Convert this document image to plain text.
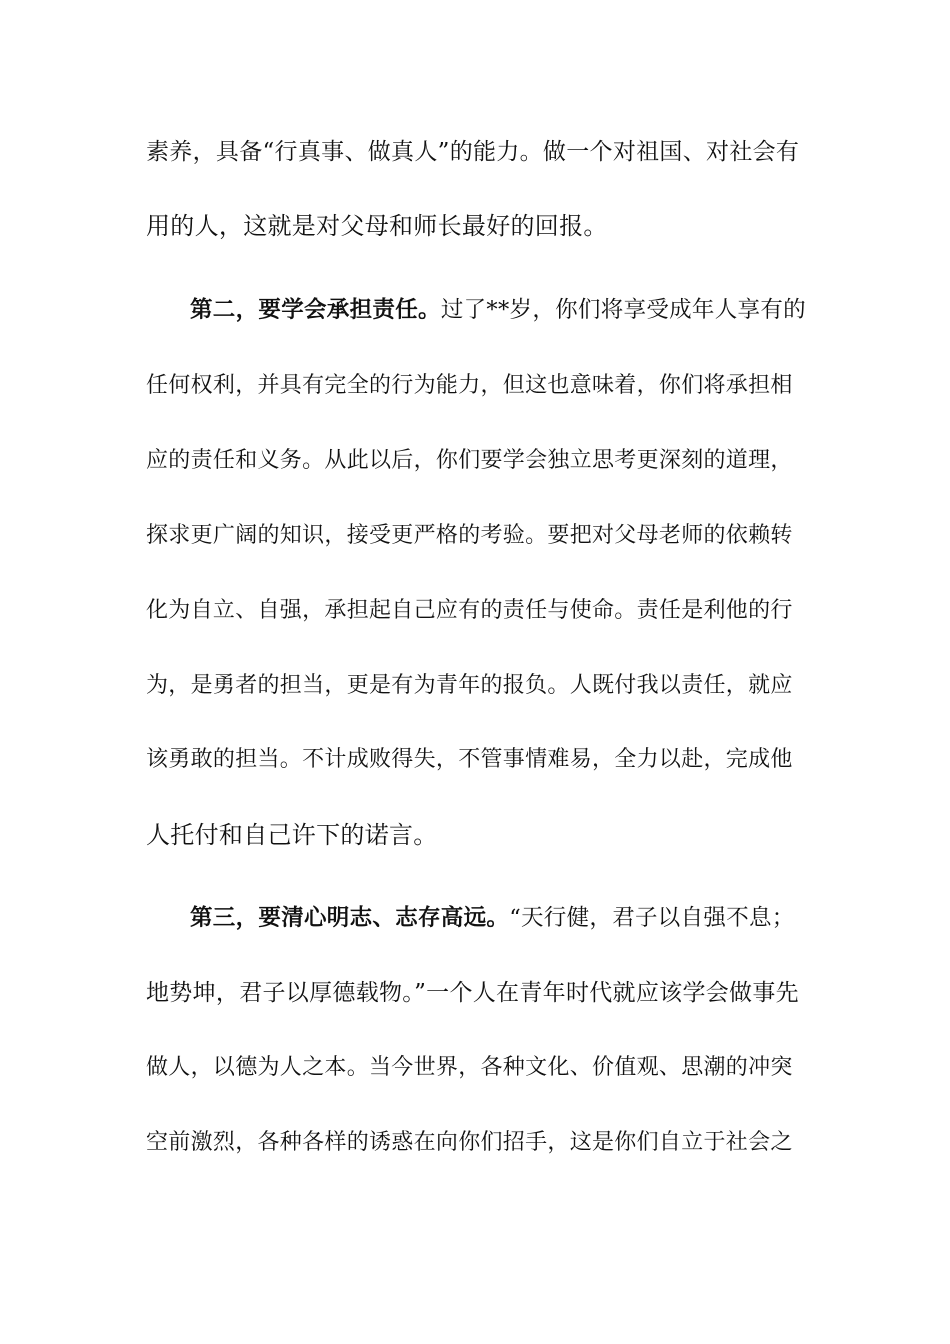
素养，具备“行真事、做真人”的能力。做一个对祖国、对社会有
用的人，这就是对父母和师长最好的回报。
第二，要学会承担责任。过了**岁，你们将享受成年人享有的
任何权利，并具有完全的行为能力，但这也意味着，你们将承担相
应的责任和义务。从此以后，你们要学会独立思考更深刻的道理，
探求更广阔的知识，接受更严格的考验。要把对父母老师的依赖转
化为自立、自强，承担起自己应有的责任与使命。责任是利他的行
为，是勇者的担当，更是有为青年的报负。人既付我以责任，就应
该勇敢的担当。不计成败得失，不管事情难易，全力以赴，完成他
人托付和自己许下的诺言。
第三，要清心明志、志存高远。“天行健，君子以自强不息；
地势坤，君子以厚德载物。”一个人在青年时代就应该学会做事先
做人，以德为人之本。当今世界，各种文化、价值观、思潮的冲突
空前激烈，各种各样的诱惑在向你们招手，这是你们自立于社会之
